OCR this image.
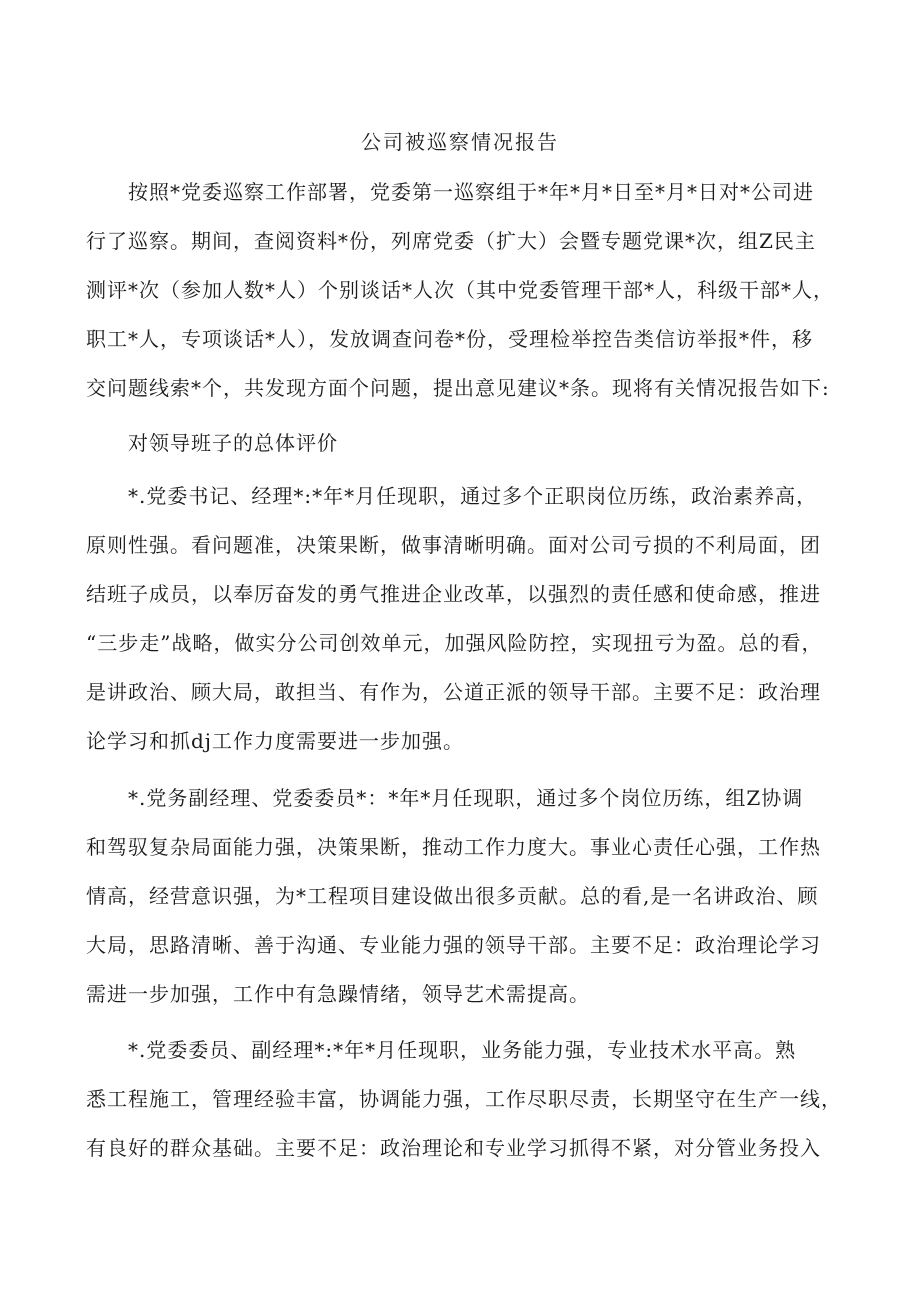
公司被巡察情况报告
按照*党委巡察工作部署，党委第一巡察组于*年*月*日至*月*日对*公司进
行了巡察。期间，查阅资料*份，列席党委（扩大）会暨专题党课*次，组Z民主
测评*次（参加人数*人）个别谈话*人次（其中党委管理干部*人，科级干部*人，
职工*人，专项谈话*人），发放调查问卷*份，受理检举控告类信访举报*件，移
交问题线索*个，共发现方面个问题，提出意见建议*条。现将有关情况报告如下:
对领导班子的总体评价
*.党委书记、经理*:*年*月任现职，通过多个正职岗位历练，政治素养高，
原则性强。看问题准，决策果断，做事清晰明确。面对公司亏损的不利局面，团
结班子成员，以奉厉奋发的勇气推进企业改革，以强烈的责任感和使命感，推进
“三步走”战略，做实分公司创效单元，加强风险防控，实现扭亏为盈。总的看，
是讲政治、顾大局，敢担当、有作为，公道正派的领导干部。主要不足：政治理
论学习和抓dj工作力度需要进一步加强。
*.党务副经理、党委委员*：*年*月任现职，通过多个岗位历练，组Z协调
和驾驭复杂局面能力强，决策果断，推动工作力度大。事业心责任心强，工作热
情高，经营意识强，为*工程项目建设做出很多贡献。总的看,是一名讲政治、顾
大局，思路清晰、善于沟通、专业能力强的领导干部。主要不足：政治理论学习
需进一步加强，工作中有急躁情绪，领导艺术需提高。
*.党委委员、副经理*:*年*月任现职，业务能力强，专业技术水平高。熟
悉工程施工，管理经验丰富，协调能力强，工作尽职尽责，长期坚守在生产一线，
有良好的群众基础。主要不足：政治理论和专业学习抓得不紧，对分管业务投入
